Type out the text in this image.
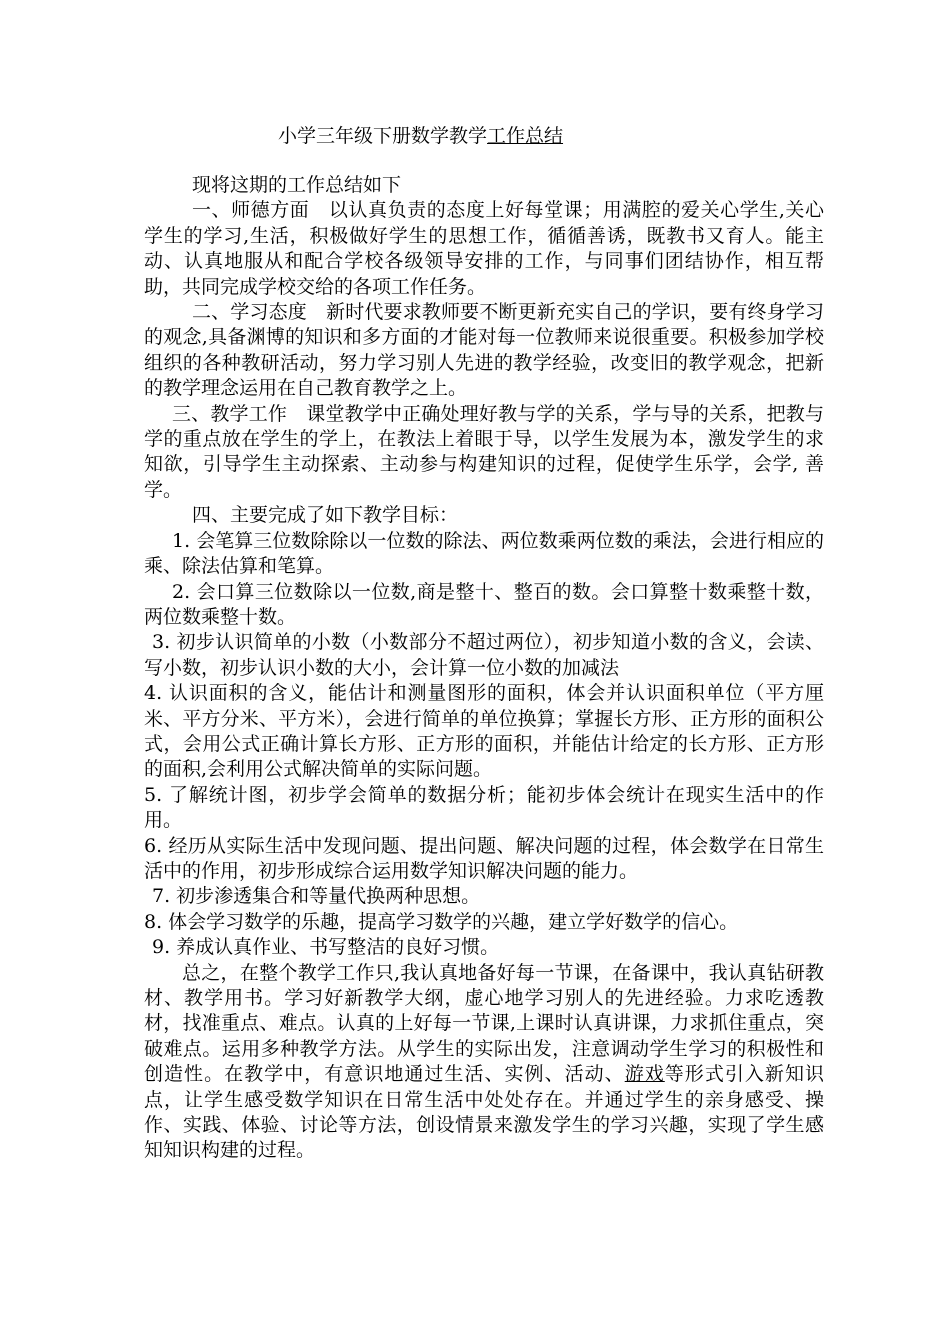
小学三年级下册数学教学工作总结

现将这期的工作总结如下

一、师德方面　以认真负责的态度上好每堂课；用满腔的爱关心学生,关心学生的学习,生活，积极做好学生的思想工作，循循善诱，既教书又育人。能主动、认真地服从和配合学校各级领导安排的工作，与同事们团结协作，相互帮助，共同完成学校交给的各项工作任务。

二、学习态度　新时代要求教师要不断更新充实自己的学识，要有终身学习的观念,具备渊博的知识和多方面的才能对每一位教师来说很重要。积极参加学校组织的各种教研活动，努力学习别人先进的教学经验，改变旧的教学观念，把新的教学理念运用在自己教育教学之上。

三、教学工作　课堂教学中正确处理好教与学的关系，学与导的关系，把教与学的重点放在学生的学上，在教法上着眼于导，以学生发展为本，激发学生的求知欲，引导学生主动探索、主动参与构建知识的过程，促使学生乐学，会学, 善学。

四、主要完成了如下教学目标：

1. 会笔算三位数除除以一位数的除法、两位数乘两位数的乘法，会进行相应的乘、除法估算和笔算。

2. 会口算三位数除以一位数,商是整十、整百的数。会口算整十数乘整十数，两位数乘整十数。

3. 初步认识简单的小数（小数部分不超过两位），初步知道小数的含义，会读、写小数，初步认识小数的大小，会计算一位小数的加减法

4. 认识面积的含义，能估计和测量图形的面积，体会并认识面积单位（平方厘米、平方分米、平方米），会进行简单的单位换算；掌握长方形、正方形的面积公式，会用公式正确计算长方形、正方形的面积，并能估计给定的长方形、正方形的面积,会利用公式解决简单的实际问题。

5. 了解统计图，初步学会简单的数据分析；能初步体会统计在现实生活中的作用。

6. 经历从实际生活中发现问题、提出问题、解决问题的过程，体会数学在日常生活中的作用，初步形成综合运用数学知识解决问题的能力。

7. 初步渗透集合和等量代换两种思想。

8. 体会学习数学的乐趣，提高学习数学的兴趣，建立学好数学的信心。

9. 养成认真作业、书写整洁的良好习惯。

总之，在整个教学工作只,我认真地备好每一节课，在备课中，我认真钻研教材、教学用书。学习好新教学大纲，虚心地学习别人的先进经验。力求吃透教材，找准重点、难点。认真的上好每一节课,上课时认真讲课，力求抓住重点，突破难点。运用多种教学方法。从学生的实际出发，注意调动学生学习的积极性和创造性。在教学中，有意识地通过生活、实例、活动、游戏等形式引入新知识点，让学生感受数学知识在日常生活中处处存在。并通过学生的亲身感受、操作、实践、体验、讨论等方法，创设情景来激发学生的学习兴趣，实现了学生感知知识构建的过程。
